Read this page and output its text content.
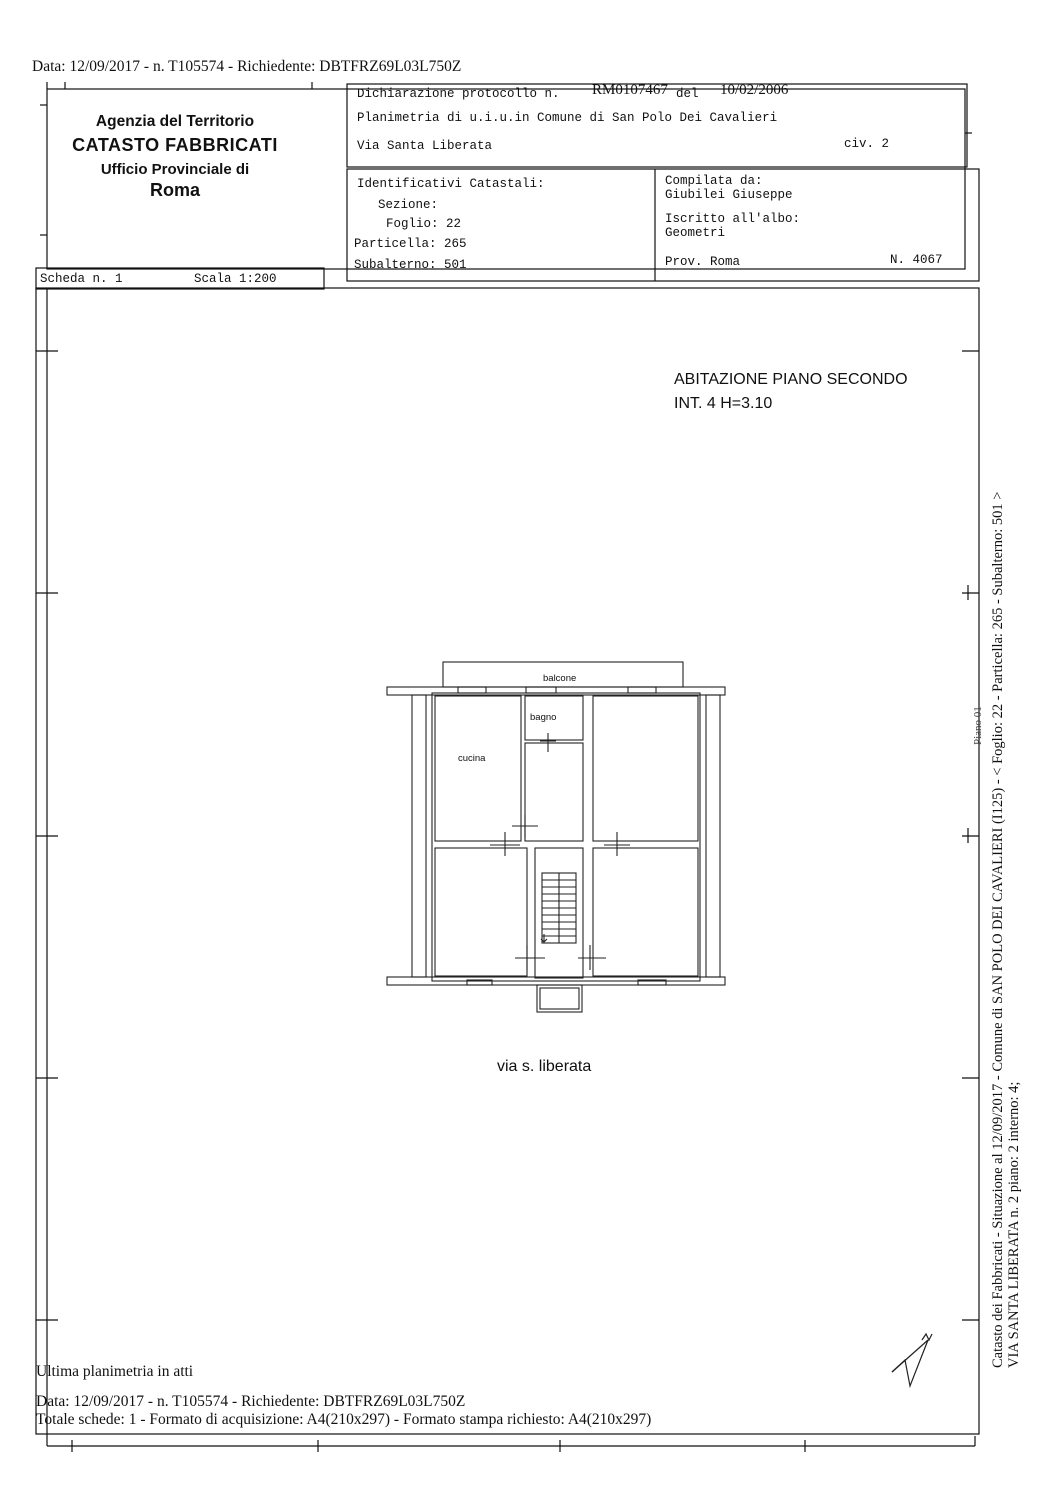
Data: 12/09/2017 - n. T105574 - Richiedente: DBTFRZ69L03L750Z
Agenzia del Territorio
CATASTO FABBRICATI
Ufficio Provinciale di
Roma
Dichiarazione protocollo n. RM0107467 del 10/02/2006
Planimetria di u.i.u.in Comune di San Polo Dei Cavalieri
Via Santa Liberata	civ. 2
Identificativi Catastali:
Sezione:
Foglio: 22
Particella: 265
Subalterno: 501
Compilata da:
Giubilei Giuseppe
Iscritto all'albo:
Geometri
Prov. Roma	N. 4067
Scheda n. 1	Scala 1:200
ABITAZIONE PIANO SECONDO
INT. 4 H=3.10
balcone
bagno
cucina
Piano 01
via s. liberata	Catasto dei Fabbricati - Situazione al 12/09/2017 - Comune di SAN POLO DEI CAVALIERI (I125) - < Foglio: 22 - Particella: 265 - Subalterno: 501 > VIA SANTA LIBERATA n. 2 piano: 2 interno: 4;
Ultima planimetria in atti
Data: 12/09/2017 - n. T105574 - Richiedente: DBTFRZ69L03L750Z
Totale schede: 1 - Formato di acquisizione: A4(210x297) - Formato stampa richiesto: A4(210x297)
